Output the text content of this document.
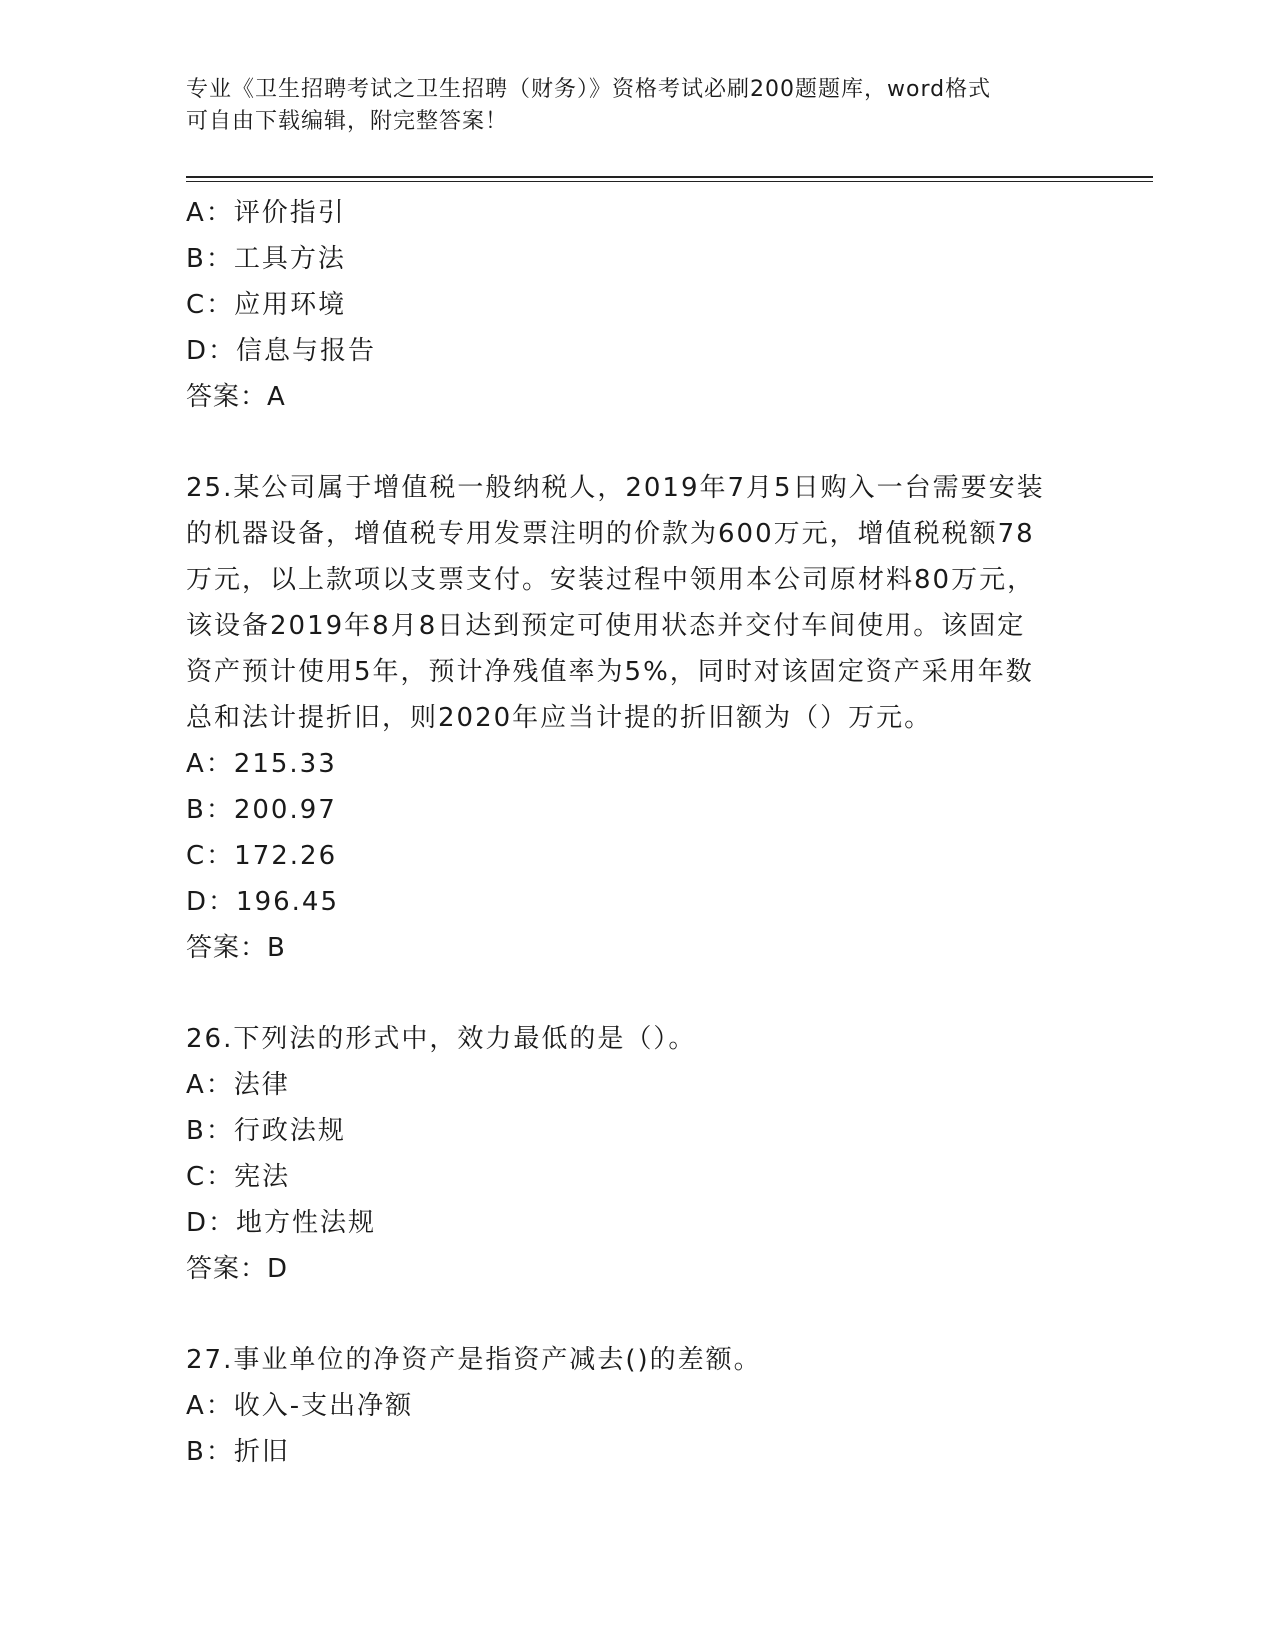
专业《卫生招聘考试之卫生招聘（财务）》资格考试必刷200题题库，word格式
可自由下载编辑，附完整答案！
A：评价指引
B：工具方法
C：应用环境
D：信息与报告
答案：A
25.某公司属于增值税一般纳税人，2019年7月5日购入一台需要安装
的机器设备，增值税专用发票注明的价款为600万元，增值税税额78
万元，以上款项以支票支付。安装过程中领用本公司原材料80万元，
该设备2019年8月8日达到预定可使用状态并交付车间使用。该固定
资产预计使用5年，预计净残值率为5%，同时对该固定资产采用年数
总和法计提折旧，则2020年应当计提的折旧额为（）万元。
A：215.33
B：200.97
C：172.26
D：196.45
答案：B
26.下列法的形式中，效力最低的是（）。
A：法律
B：行政法规
C：宪法
D：地方性法规
答案：D
27.事业单位的净资产是指资产减去()的差额。
A：收入-支出净额
B：折旧
